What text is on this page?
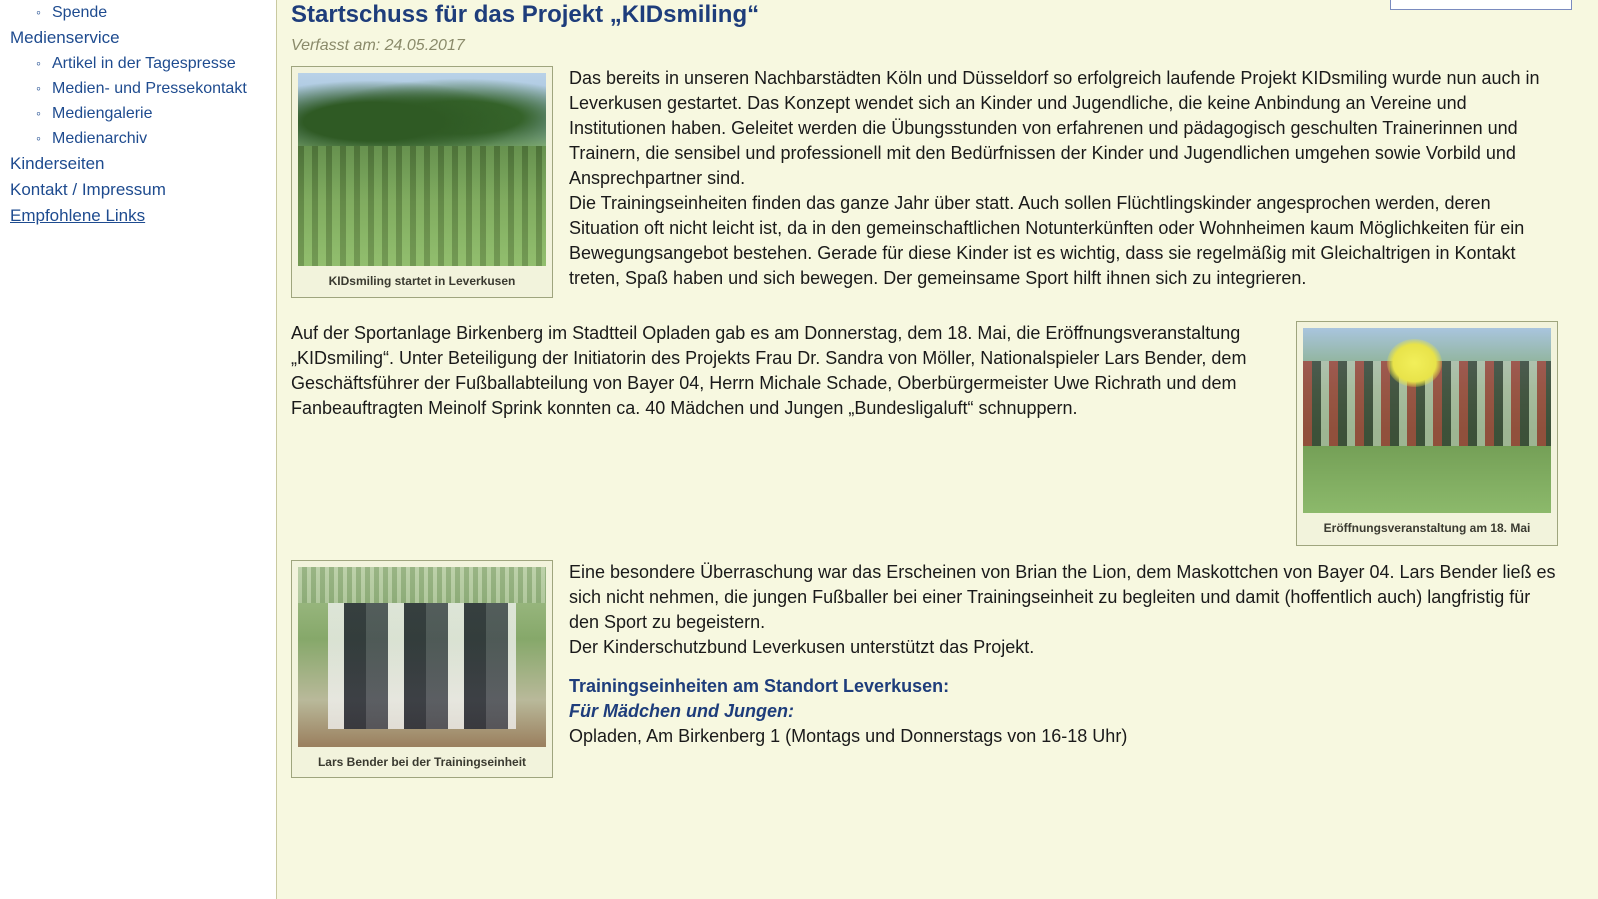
◦ Spende
Medienservice
◦ Artikel in der Tagespresse
◦ Medien- und Pressekontakt
◦ Mediengalerie
◦ Medienarchiv
Kinderseiten
Kontakt / Impressum
Empfohlene Links
Startschuss für das Projekt „KIDsmiling“
Verfasst am: 24.05.2017
KIDsmiling startet in Leverkusen
Das bereits in unseren Nachbarstädten Köln und Düsseldorf so erfolgreich laufende Projekt KIDsmiling wurde nun auch in Leverkusen gestartet. Das Konzept wendet sich an Kinder und Jugendliche, die keine Anbindung an Vereine und Institutionen haben. Geleitet werden die Übungsstunden von erfahrenen und pädagogisch geschulten Trainerinnen und Trainern, die sensibel und professionell mit den Bedürfnissen der Kinder und Jugendlichen umgehen sowie Vorbild und Ansprechpartner sind.
Die Trainingseinheiten finden das ganze Jahr über statt. Auch sollen Flüchtlingskinder angesprochen werden, deren Situation oft nicht leicht ist, da in den gemeinschaftlichen Notunterkünften oder Wohnheimen kaum Möglichkeiten für ein Bewegungsangebot bestehen. Gerade für diese Kinder ist es wichtig, dass sie regelmäßig mit Gleichaltrigen in Kontakt treten, Spaß haben und sich bewegen. Der gemeinsame Sport hilft ihnen sich zu integrieren.
Eröffnungsveranstaltung am 18. Mai
Auf der Sportanlage Birkenberg im Stadtteil Opladen gab es am Donnerstag, dem 18. Mai, die Eröffnungsveranstaltung „KIDsmiling“. Unter Beteiligung der Initiatorin des Projekts Frau Dr. Sandra von Möller, Nationalspieler Lars Bender, dem Geschäftsführer der Fußballabteilung von Bayer 04, Herrn Michale Schade, Oberbürgermeister Uwe Richrath und dem Fanbeauftragten Meinolf Sprink konnten ca. 40 Mädchen und Jungen „Bundesligaluft“ schnuppern.
Lars Bender bei der Trainingseinheit
Eine besondere Überraschung war das Erscheinen von Brian the Lion, dem Maskottchen von Bayer 04. Lars Bender ließ es sich nicht nehmen, die jungen Fußballer bei einer Trainingseinheit zu begleiten und damit (hoffentlich auch) langfristig für den Sport zu begeistern.
Der Kinderschutzbund Leverkusen unterstützt das Projekt.
Trainingseinheiten am Standort Leverkusen:
Für Mädchen und Jungen:
Opladen, Am Birkenberg 1 (Montags und Donnerstags von 16-18 Uhr)
